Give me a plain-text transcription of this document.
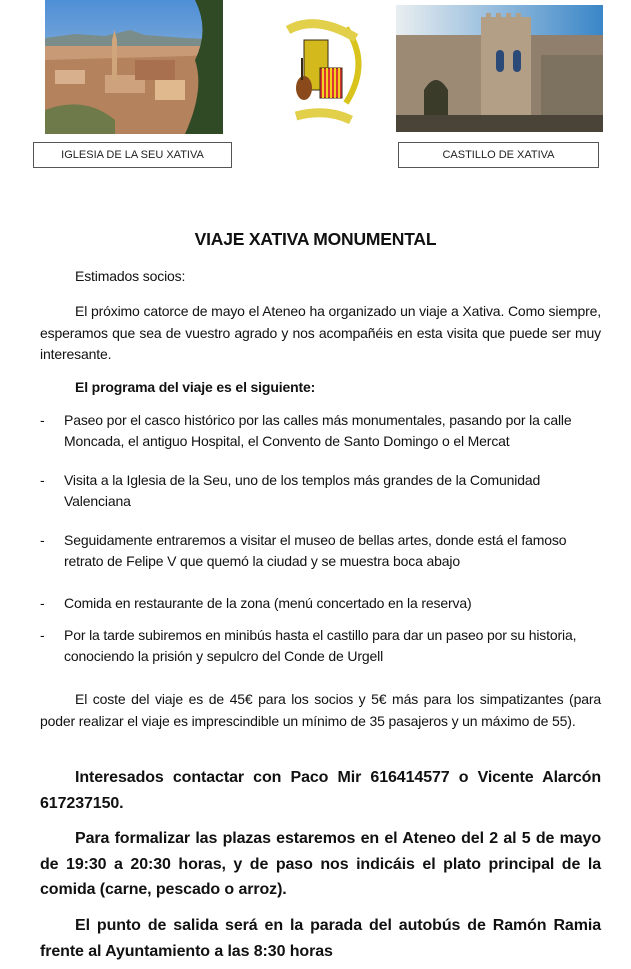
IGLESIA DE LA SEU XATIVA	CASTILLO DE XATIVA
VIAJE XATIVA MONUMENTAL
Estimados socios:
El próximo catorce de mayo el Ateneo ha organizado un viaje a Xativa. Como siempre, esperamos que sea de vuestro agrado y nos acompañéis en esta visita que puede ser muy interesante.
El programa del viaje es el siguiente:
- Paseo por el casco histórico por las calles más monumentales, pasando por la calle Moncada, el antiguo Hospital, el Convento de Santo Domingo o el Mercat
- Visita a la Iglesia de la Seu, uno de los templos más grandes de la Comunidad Valenciana
- Seguidamente entraremos a visitar el museo de bellas artes, donde está el famoso retrato de Felipe V que quemó la ciudad y se muestra boca abajo
- Comida en restaurante de la zona (menú concertado en la reserva)
- Por la tarde subiremos en minibús hasta el castillo para dar un paseo por su historia, conociendo la prisión y sepulcro del Conde de Urgell
El coste del viaje es de 45€ para los socios y 5€ más para los simpatizantes (para poder realizar el viaje es imprescindible un mínimo de 35 pasajeros y un máximo de 55).
Interesados contactar con Paco Mir 616414577 o Vicente Alarcón 617237150.
Para formalizar las plazas estaremos en el Ateneo del 2 al 5 de mayo de 19:30 a 20:30 horas, y de paso nos indicáis el plato principal de la comida (carne, pescado o arroz).
El punto de salida será en la parada del autobús de Ramón Ramia frente al Ayuntamiento a las 8:30 horas
